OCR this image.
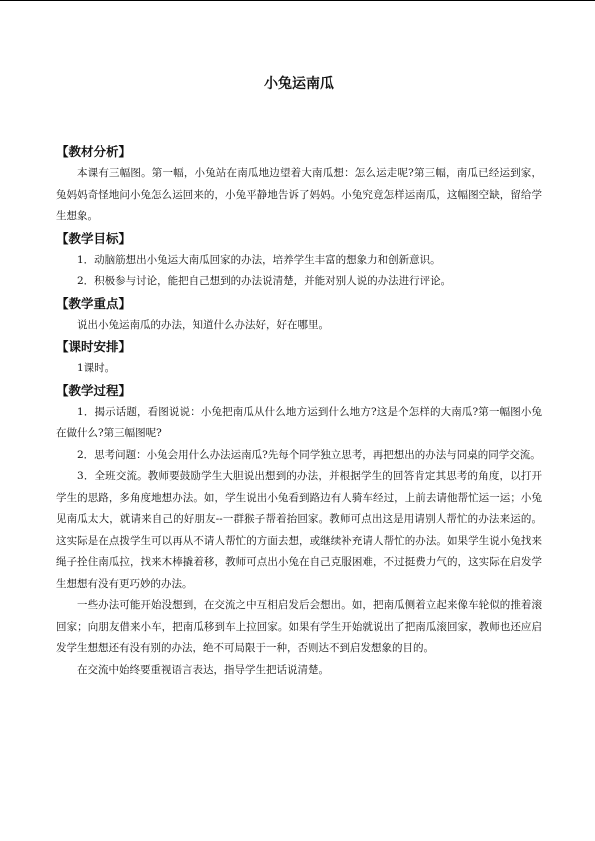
小兔运南瓜
【教材分析】

本课有三幅图。第一幅，小兔站在南瓜地边望着大南瓜想：怎么运走呢?第三幅，南瓜已经运到家，兔妈妈奇怪地问小兔怎么运回来的，小兔平静地告诉了妈妈。小兔究竟怎样运南瓜，这幅图空缺，留给学生想象。

【教学目标】

1．动脑筋想出小兔运大南瓜回家的办法，培养学生丰富的想象力和创新意识。

2．积极参与讨论，能把自己想到的办法说清楚，并能对别人说的办法进行评论。

【教学重点】

说出小兔运南瓜的办法，知道什么办法好，好在哪里。

【课时安排】

1课时。

【教学过程】

1．揭示话题，看图说说：小兔把南瓜从什么地方运到什么地方?这是个怎样的大南瓜?第一幅图小兔在做什么?第三幅图呢?

2．思考问题：小兔会用什么办法运南瓜?先每个同学独立思考，再把想出的办法与同桌的同学交流。

3．全班交流。教师要鼓励学生大胆说出想到的办法，并根据学生的回答肯定其思考的角度，以打开学生的思路，多角度地想办法。如，学生说出小兔看到路边有人骑车经过，上前去请他帮忙运一运；小兔见南瓜太大，就请来自己的好朋友--一群猴子帮着抬回家。教师可点出这是用请别人帮忙的办法来运的。这实际是在点拨学生可以再从不请人帮忙的方面去想，或继续补充请人帮忙的办法。如果学生说小兔找来绳子拴住南瓜拉，找来木棒撬着移，教师可点出小兔在自己克服困难，不过挺费力气的，这实际在启发学生想想有没有更巧妙的办法。

一些办法可能开始没想到，在交流之中互相启发后会想出。如，把南瓜侧着立起来像车轮似的推着滚回家；向朋友借来小车，把南瓜移到车上拉回家。如果有学生开始就说出了把南瓜滚回家，教师也还应启发学生想想还有没有别的办法，绝不可局限于一种，否则达不到启发想象的目的。

在交流中始终要重视语言表达，指导学生把话说清楚。
